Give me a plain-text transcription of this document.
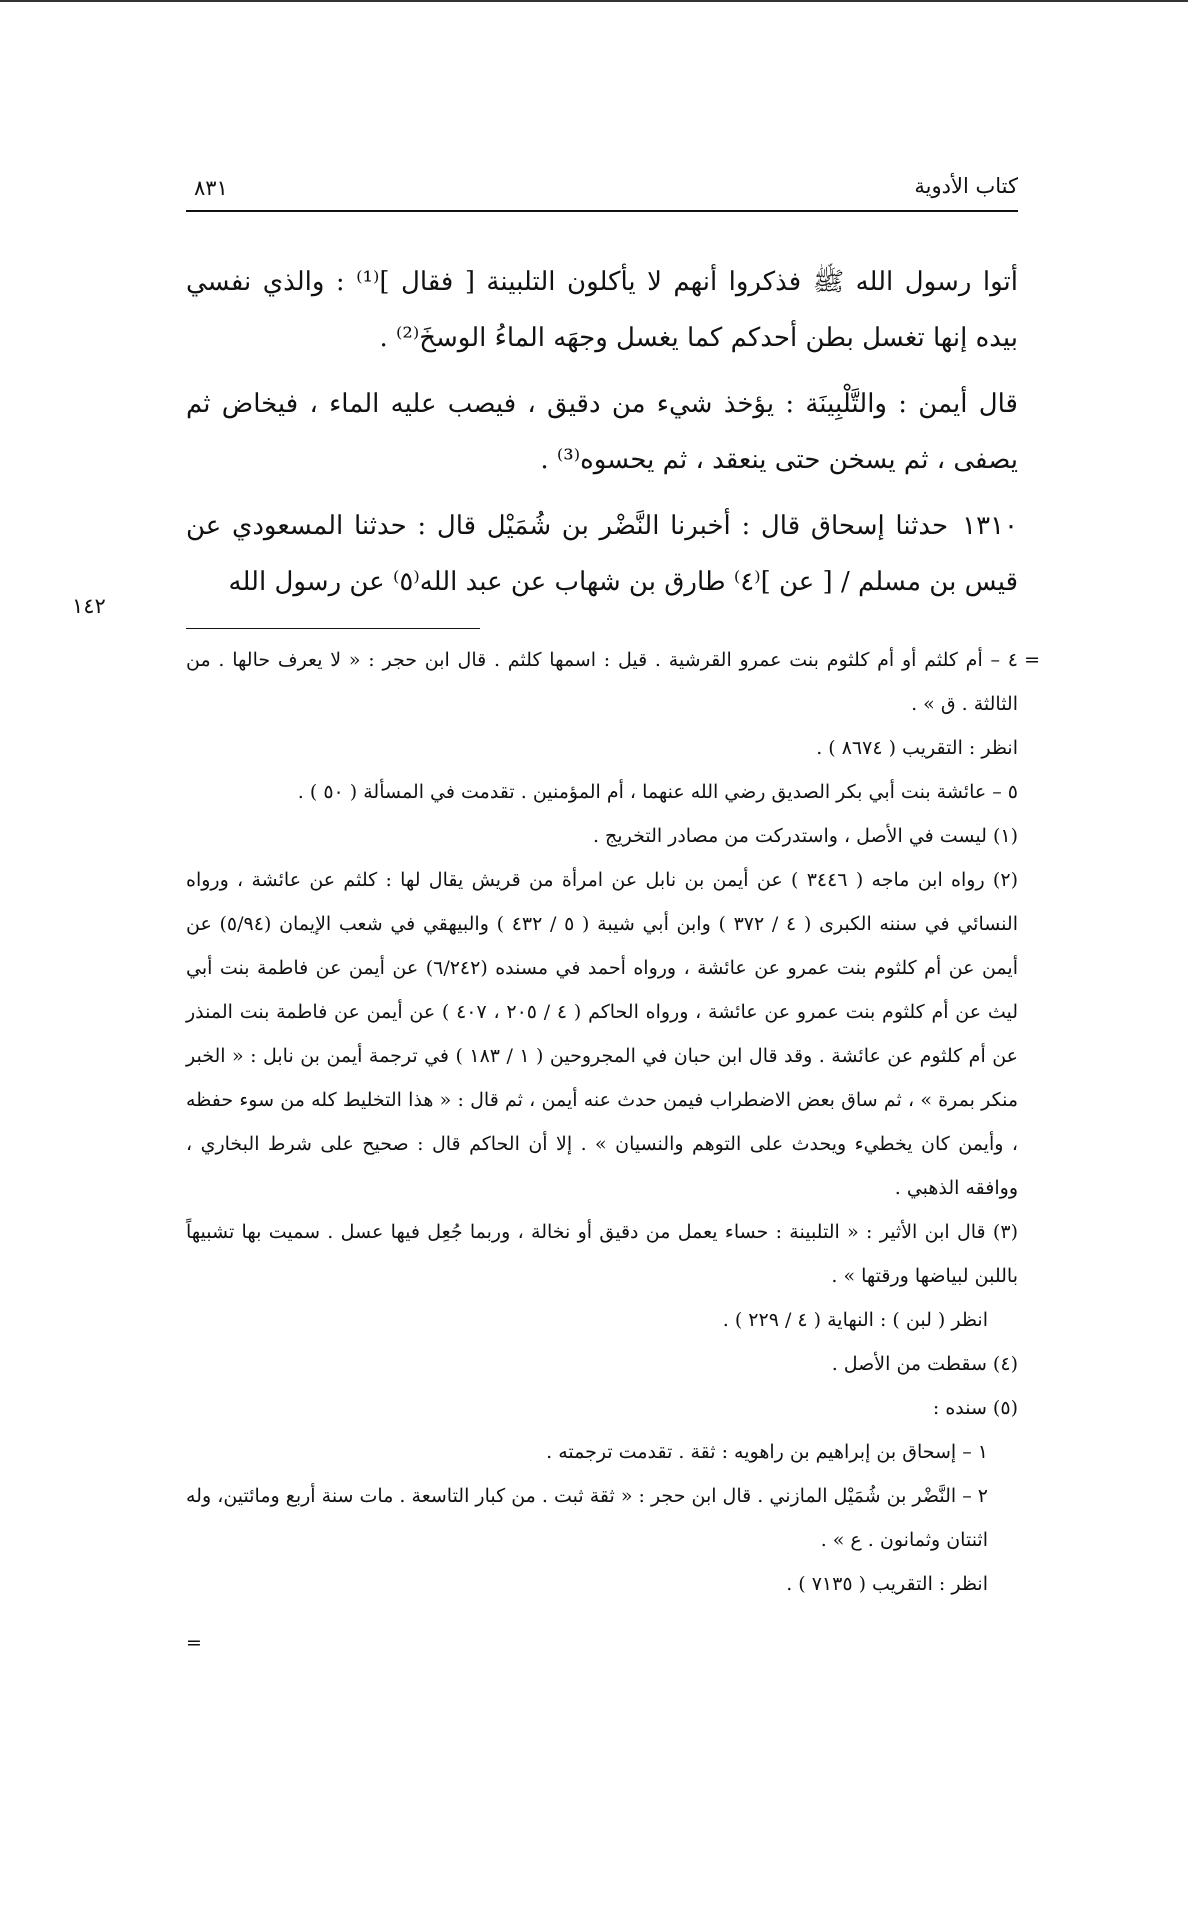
كتاب الأدوية
٨٣١

أتوا رسول الله ﷺ فذكروا أنهم لا يأكلون التلبينة [ فقال ]⁽¹⁾ : والذي نفسي بيده إنها تغسل بطن أحدكم كما يغسل وجهَه الماءُ الوسخَ⁽²⁾ .

قال أيمن : والتَّلْبِينَة : يؤخذ شيء من دقيق ، فيصب عليه الماء ، فيخاض ثم يصفى ، ثم يسخن حتى ينعقد ، ثم يحسوه⁽³⁾ .

١٣١٠حدثنا إسحاق قال : أخبرنا النَّضْر بن شُمَيْل قال : حدثنا المسعودي عن قيس بن مسلم / [ عن ]⁽٤⁾ طارق بن شهاب عن عبد الله⁽٥⁾ عن رسول الله

=
٤ – أم كلثم أو أم كلثوم بنت عمرو القرشية . قيل : اسمها كلثم . قال ابن حجر : « لا يعرف حالها . من الثالثة . ق » .

انظر : التقريب ( ٨٦٧٤ ) .

٥ – عائشة بنت أبي بكر الصديق رضي الله عنهما ، أم المؤمنين . تقدمت في المسألة ( ٥٠ ) .

(١) ليست في الأصل ، واستدركت من مصادر التخريج .

(٢) رواه ابن ماجه ( ٣٤٤٦ ) عن أيمن بن نابل عن امرأة من قريش يقال لها : كلثم عن عائشة ، ورواه النسائي في سننه الكبرى ( ٤ / ٣٧٢ ) وابن أبي شيبة ( ٥ / ٤٣٢ ) والبيهقي في شعب الإيمان (٥/٩٤) عن أيمن عن أم كلثوم بنت عمرو عن عائشة ، ورواه أحمد في مسنده (٦/٢٤٢) عن أيمن عن فاطمة بنت أبي ليث عن أم كلثوم بنت عمرو عن عائشة ، ورواه الحاكم ( ٤ / ٢٠٥ ، ٤٠٧ ) عن أيمن عن فاطمة بنت المنذر عن أم كلثوم عن عائشة . وقد قال ابن حبان في المجروحين ( ١ / ١٨٣ ) في ترجمة أيمن بن نابل : « الخبر منكر بمرة » ، ثم ساق بعض الاضطراب فيمن حدث عنه أيمن ، ثم قال : « هذا التخليط كله من سوء حفظه ، وأيمن كان يخطيء ويحدث على التوهم والنسيان » . إلا أن الحاكم قال : صحيح على شرط البخاري ، ووافقه الذهبي .

(٣) قال ابن الأثير : « التلبينة : حساء يعمل من دقيق أو نخالة ، وربما جُعِل فيها عسل . سميت بها تشبيهاً باللبن لبياضها ورقتها » .

انظر ( لبن ) : النهاية ( ٤ / ٢٢٩ ) .

(٤) سقطت من الأصل .

(٥) سنده :

١ – إسحاق بن إبراهيم بن راهويه : ثقة . تقدمت ترجمته .

٢ – النَّضْر بن شُمَيْل المازني . قال ابن حجر : « ثقة ثبت . من كبار التاسعة . مات سنة أربع ومائتين، وله اثنتان وثمانون . ع » .

انظر : التقريب ( ٧١٣٥ ) .

١٤٢
=
